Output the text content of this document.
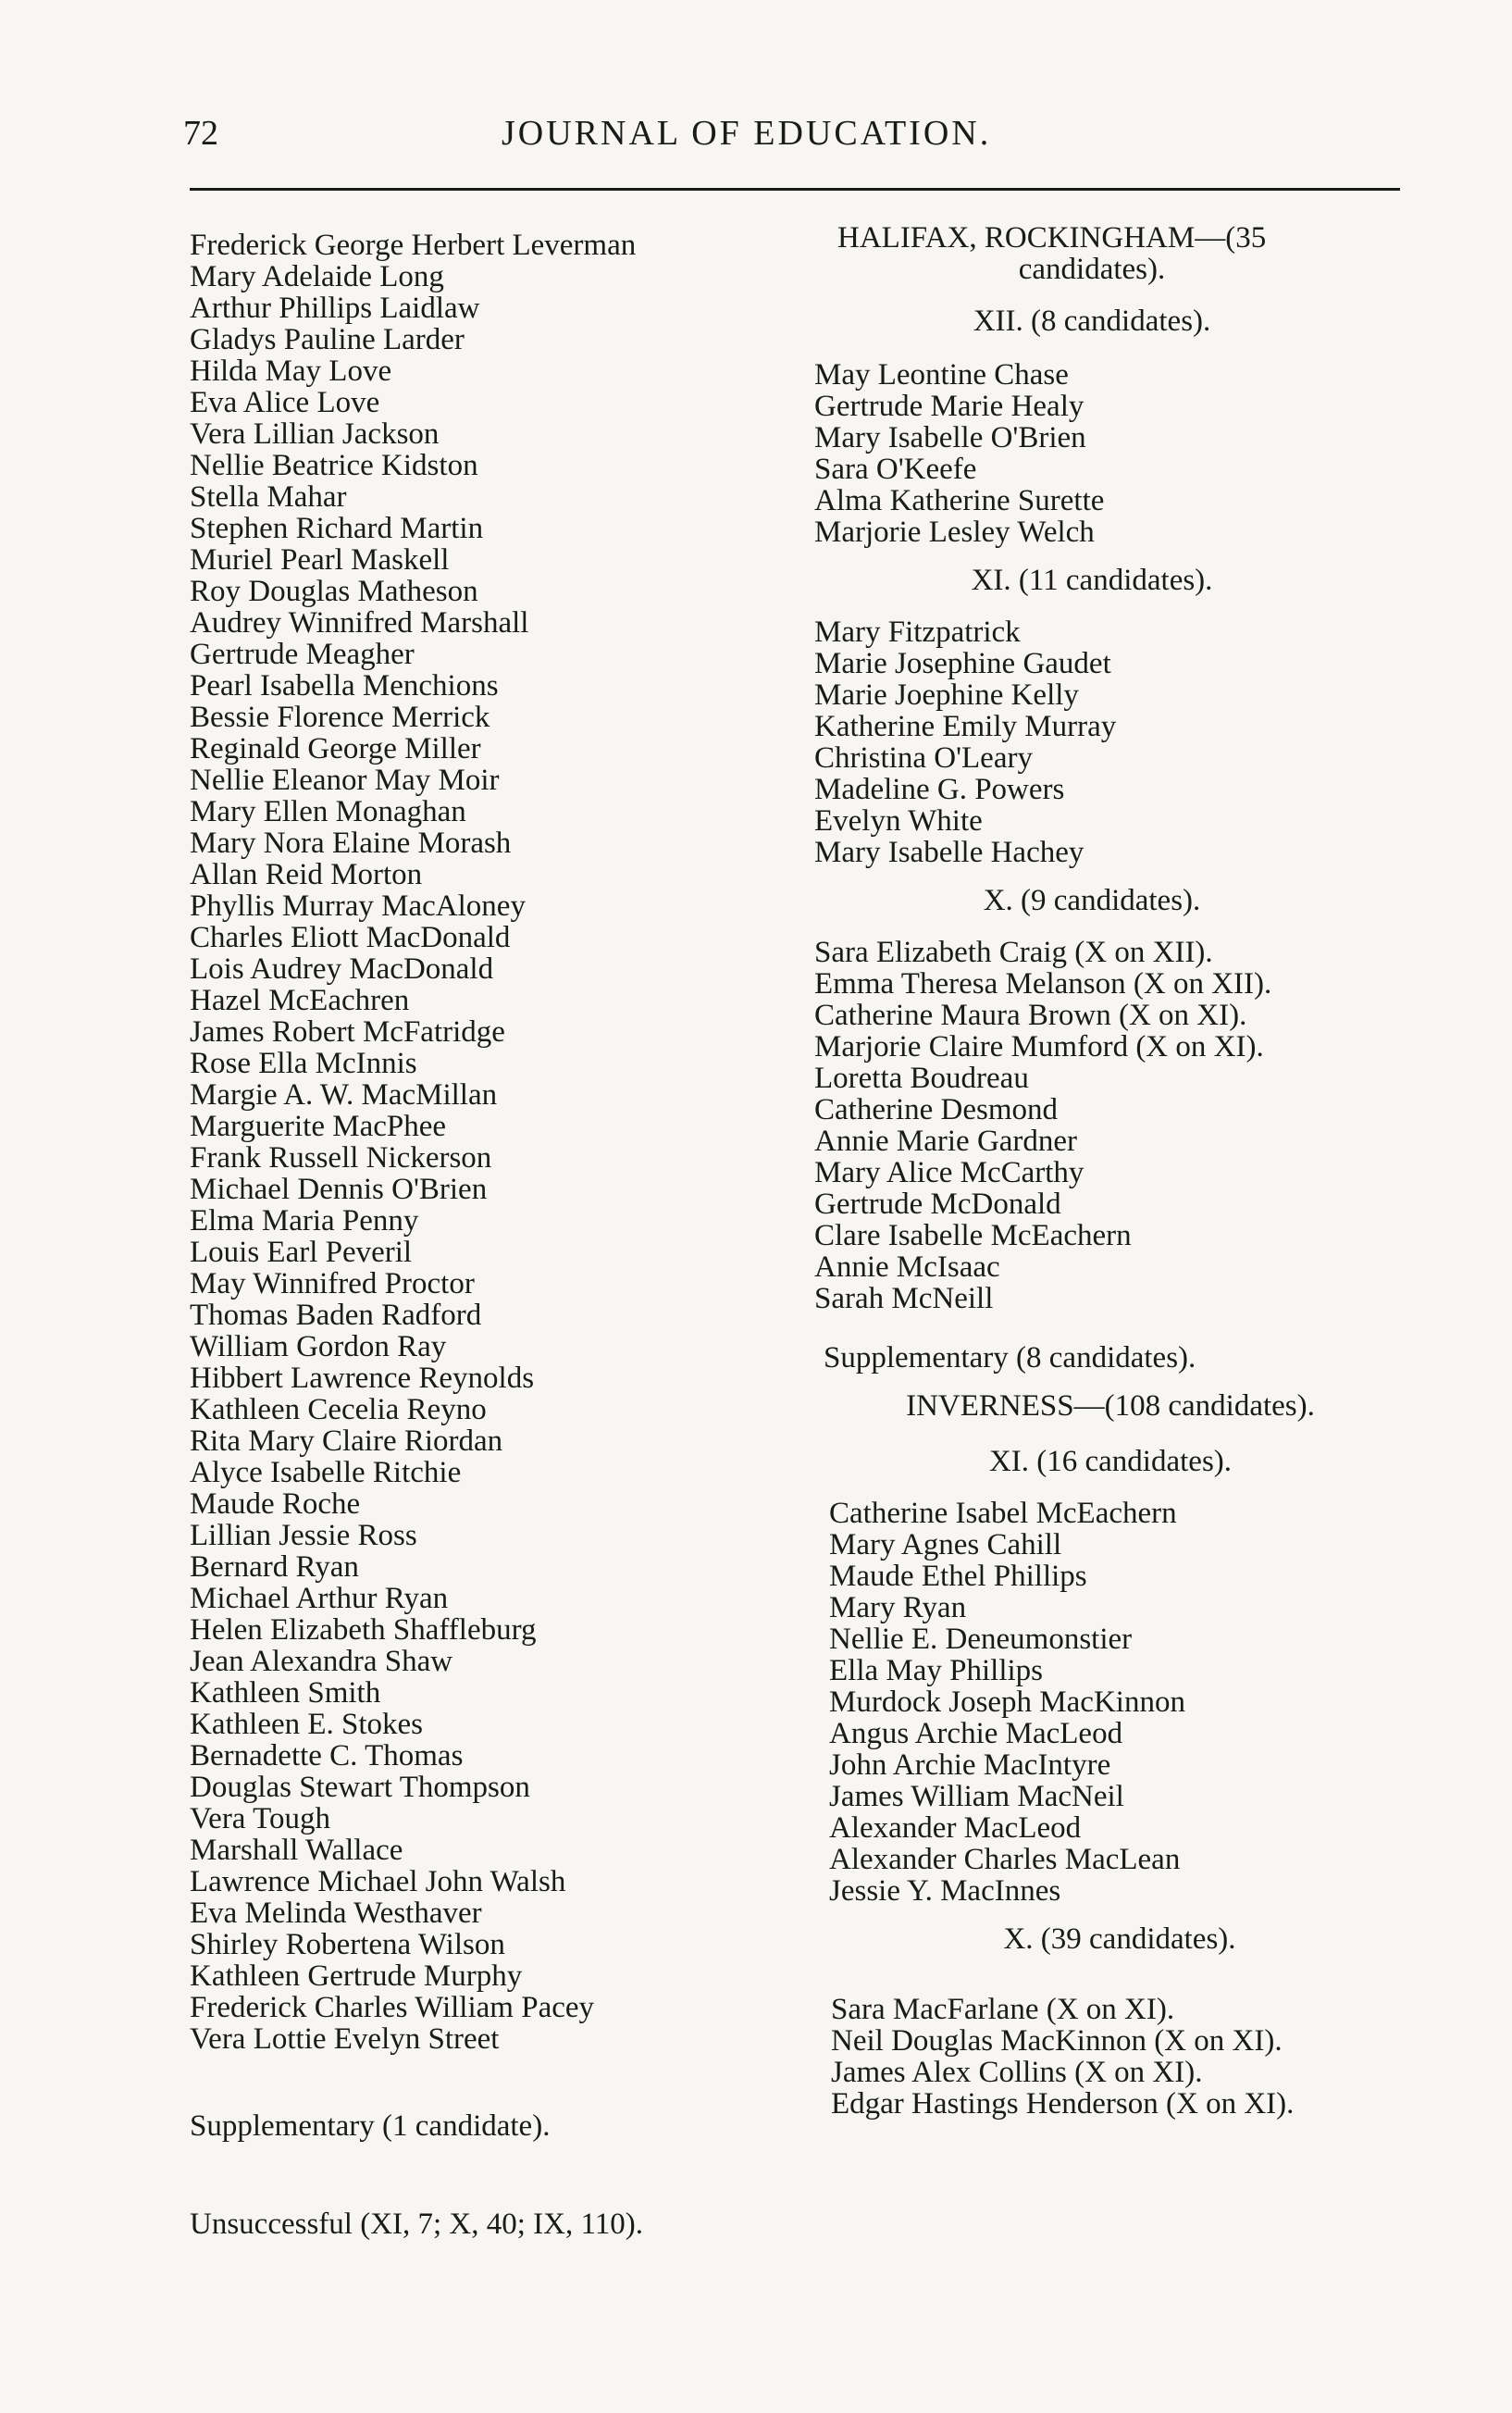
72	JOURNAL OF EDUCATION.
Frederick George Herbert Leverman
Mary Adelaide Long
Arthur Phillips Laidlaw
Gladys Pauline Larder
Hilda May Love
Eva Alice Love
Vera Lillian Jackson
Nellie Beatrice Kidston
Stella Mahar
Stephen Richard Martin
Muriel Pearl Maskell
Roy Douglas Matheson
Audrey Winnifred Marshall
Gertrude Meagher
Pearl Isabella Menchions
Bessie Florence Merrick
Reginald George Miller
Nellie Eleanor May Moir
Mary Ellen Monaghan
Mary Nora Elaine Morash
Allan Reid Morton
Phyllis Murray MacAloney
Charles Eliott MacDonald
Lois Audrey MacDonald
Hazel McEachren
James Robert McFatridge
Rose Ella McInnis
Margie A. W. MacMillan
Marguerite MacPhee
Frank Russell Nickerson
Michael Dennis O'Brien
Elma Maria Penny
Louis Earl Peveril
May Winnifred Proctor
Thomas Baden Radford
William Gordon Ray
Hibbert Lawrence Reynolds
Kathleen Cecelia Reyno
Rita Mary Claire Riordan
Alyce Isabelle Ritchie
Maude Roche
Lillian Jessie Ross
Bernard Ryan
Michael Arthur Ryan
Helen Elizabeth Shaffleburg
Jean Alexandra Shaw
Kathleen Smith
Kathleen E. Stokes
Bernadette C. Thomas
Douglas Stewart Thompson
Vera Tough
Marshall Wallace
Lawrence Michael John Walsh
Eva Melinda Westhaver
Shirley Robertena Wilson
Kathleen Gertrude Murphy
Frederick Charles William Pacey
Vera Lottie Evelyn Street
Supplementary (1 candidate).
Unsuccessful (XI, 7; X, 40; IX, 110).
HALIFAX, ROCKINGHAM—(35
candidates).
XII. (8 candidates).
May Leontine Chase
Gertrude Marie Healy
Mary Isabelle O'Brien
Sara O'Keefe
Alma Katherine Surette
Marjorie Lesley Welch
XI. (11 candidates).
Mary Fitzpatrick
Marie Josephine Gaudet
Marie Joephine Kelly
Katherine Emily Murray
Christina O'Leary
Madeline G. Powers
Evelyn White
Mary Isabelle Hachey
X. (9 candidates).
Sara Elizabeth Craig (X on XII).
Emma Theresa Melanson (X on XII).
Catherine Maura Brown (X on XI).
Marjorie Claire Mumford (X on XI).
Loretta Boudreau
Catherine Desmond
Annie Marie Gardner
Mary Alice McCarthy
Gertrude McDonald
Clare Isabelle McEachern
Annie McIsaac
Sarah McNeill
Supplementary (8 candidates).
INVERNESS—(108 candidates).
XI. (16 candidates).
Catherine Isabel McEachern
Mary Agnes Cahill
Maude Ethel Phillips
Mary Ryan
Nellie E. Deneumonstier
Ella May Phillips
Murdock Joseph MacKinnon
Angus Archie MacLeod
John Archie MacIntyre
James William MacNeil
Alexander MacLeod
Alexander Charles MacLean
Jessie Y. MacInnes
X. (39 candidates).
Sara MacFarlane (X on XI).
Neil Douglas MacKinnon (X on XI).
James Alex Collins (X on XI).
Edgar Hastings Henderson (X on XI).
